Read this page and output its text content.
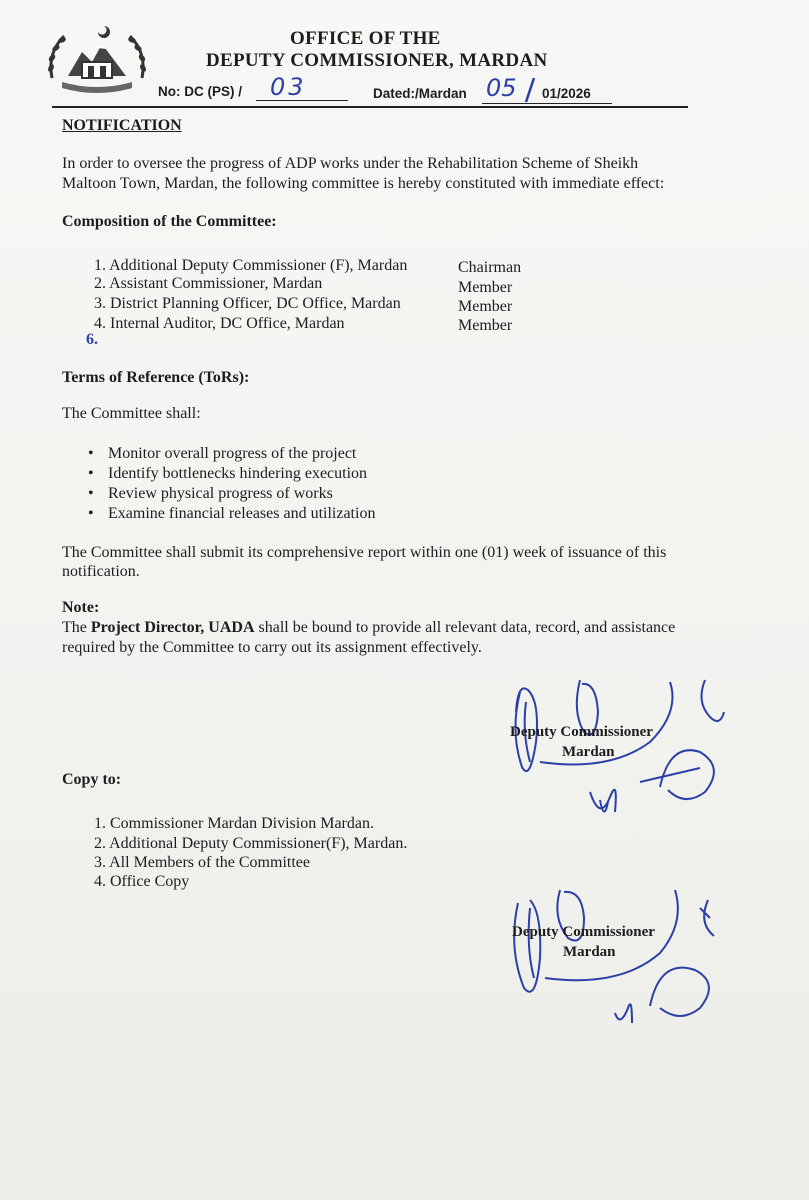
OFFICE OF THE
DEPUTY COMMISSIONER, MARDAN
No: DC (PS) / 03	Dated:/Mardan 05 01/2026
NOTIFICATION
In order to oversee the progress of ADP works under the Rehabilitation Scheme of Sheikh
Maltoon Town, Mardan, the following committee is hereby constituted with immediate effect:
Composition of the Committee:
1. Additional Deputy Commissioner (F), Mardan	Chairman
2. Assistant Commissioner, Mardan	Member
3. District Planning Officer, DC Office, Mardan	Member
4. Internal Auditor, DC Office, Mardan	Member
6.
Terms of Reference (ToRs):
The Committee shall:
• Monitor overall progress of the project
• Identify bottlenecks hindering execution
• Review physical progress of works
• Examine financial releases and utilization
The Committee shall submit its comprehensive report within one (01) week of issuance of this
notification.
Note:
The Project Director, UADA shall be bound to provide all relevant data, record, and assistance
required by the Committee to carry out its assignment effectively.
Deputy Commissioner
Mardan
Copy to:
1. Commissioner Mardan Division Mardan.
2. Additional Deputy Commissioner(F), Mardan.
3. All Members of the Committee
4. Office Copy
Deputy Commissioner
Mardan
